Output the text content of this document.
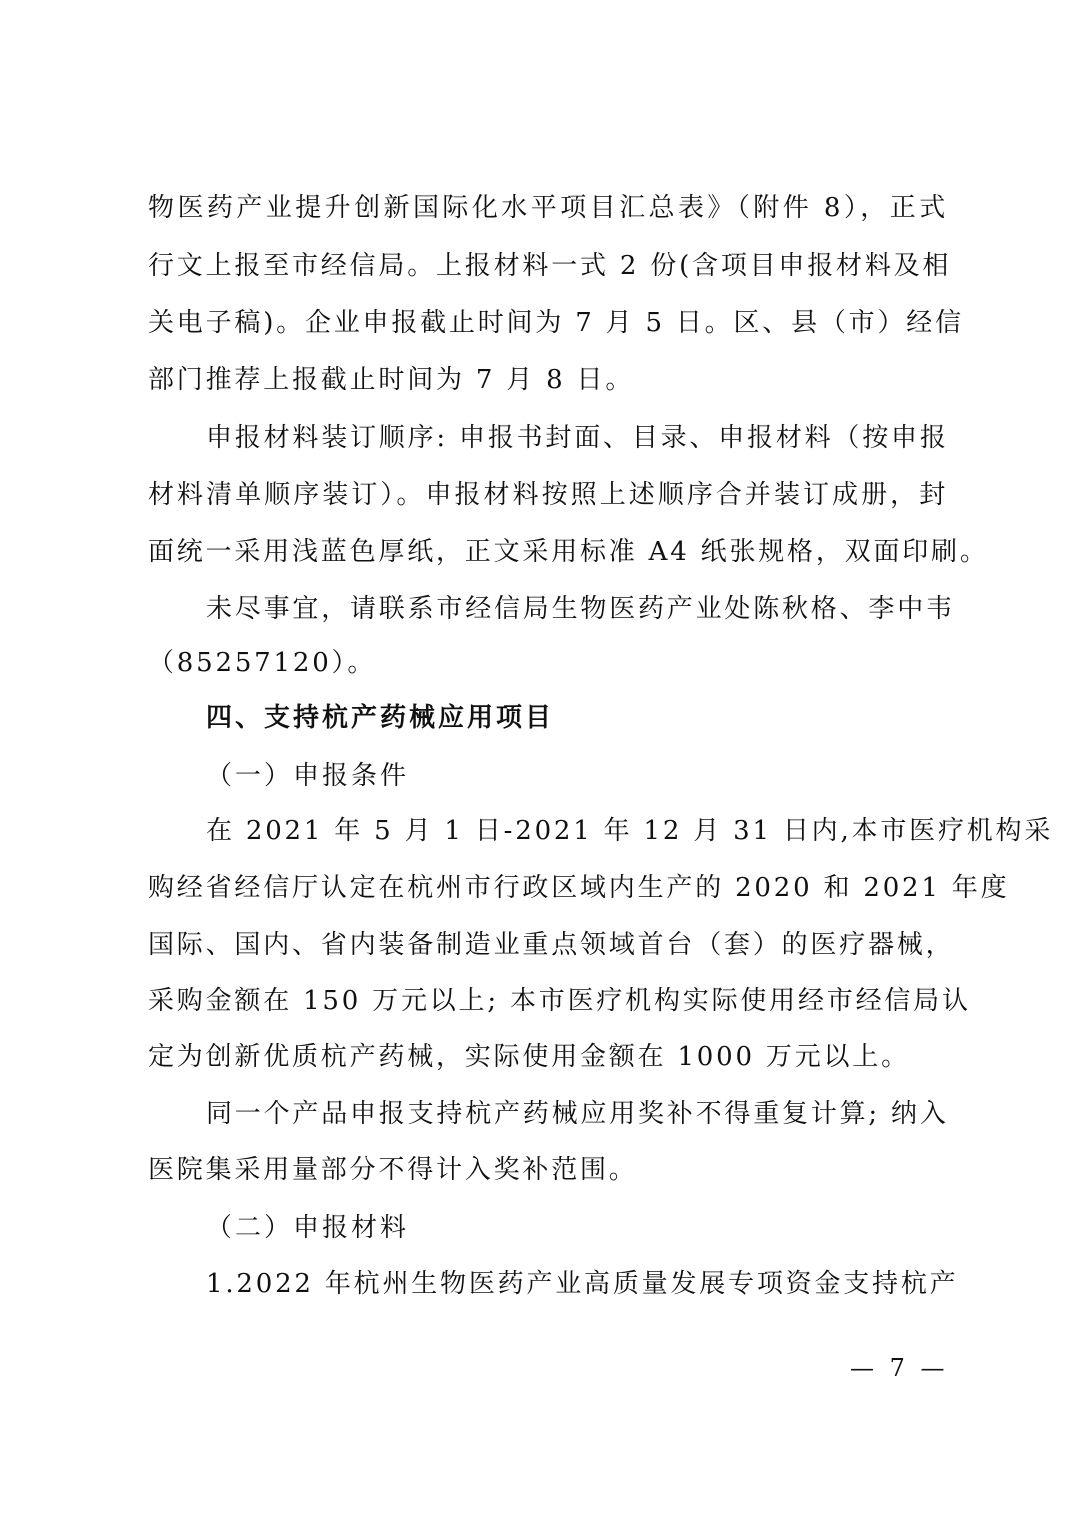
物医药产业提升创新国际化水平项目汇总表》（附件 8），正式
行文上报至市经信局。上报材料一式 2 份(含项目申报材料及相
关电子稿)。企业申报截止时间为 7 月 5 日。区、县（市）经信
部门推荐上报截止时间为 7 月 8 日。
申报材料装订顺序: 申报书封面、目录、申报材料（按申报
材料清单顺序装订）。申报材料按照上述顺序合并装订成册，封
面统一采用浅蓝色厚纸，正文采用标准 A4 纸张规格，双面印刷。
未尽事宜，请联系市经信局生物医药产业处陈秋格、李中韦
（85257120）。
四、支持杭产药械应用项目
（一）申报条件
在 2021 年 5 月 1 日-2021 年 12 月 31 日内,本市医疗机构采
购经省经信厅认定在杭州市行政区域内生产的 2020 和 2021 年度
国际、国内、省内装备制造业重点领域首台（套）的医疗器械，
采购金额在 150 万元以上; 本市医疗机构实际使用经市经信局认
定为创新优质杭产药械，实际使用金额在 1000 万元以上。
同一个产品申报支持杭产药械应用奖补不得重复计算; 纳入
医院集采用量部分不得计入奖补范围。
（二）申报材料
1.2022 年杭州生物医药产业高质量发展专项资金支持杭产
— 7 —
